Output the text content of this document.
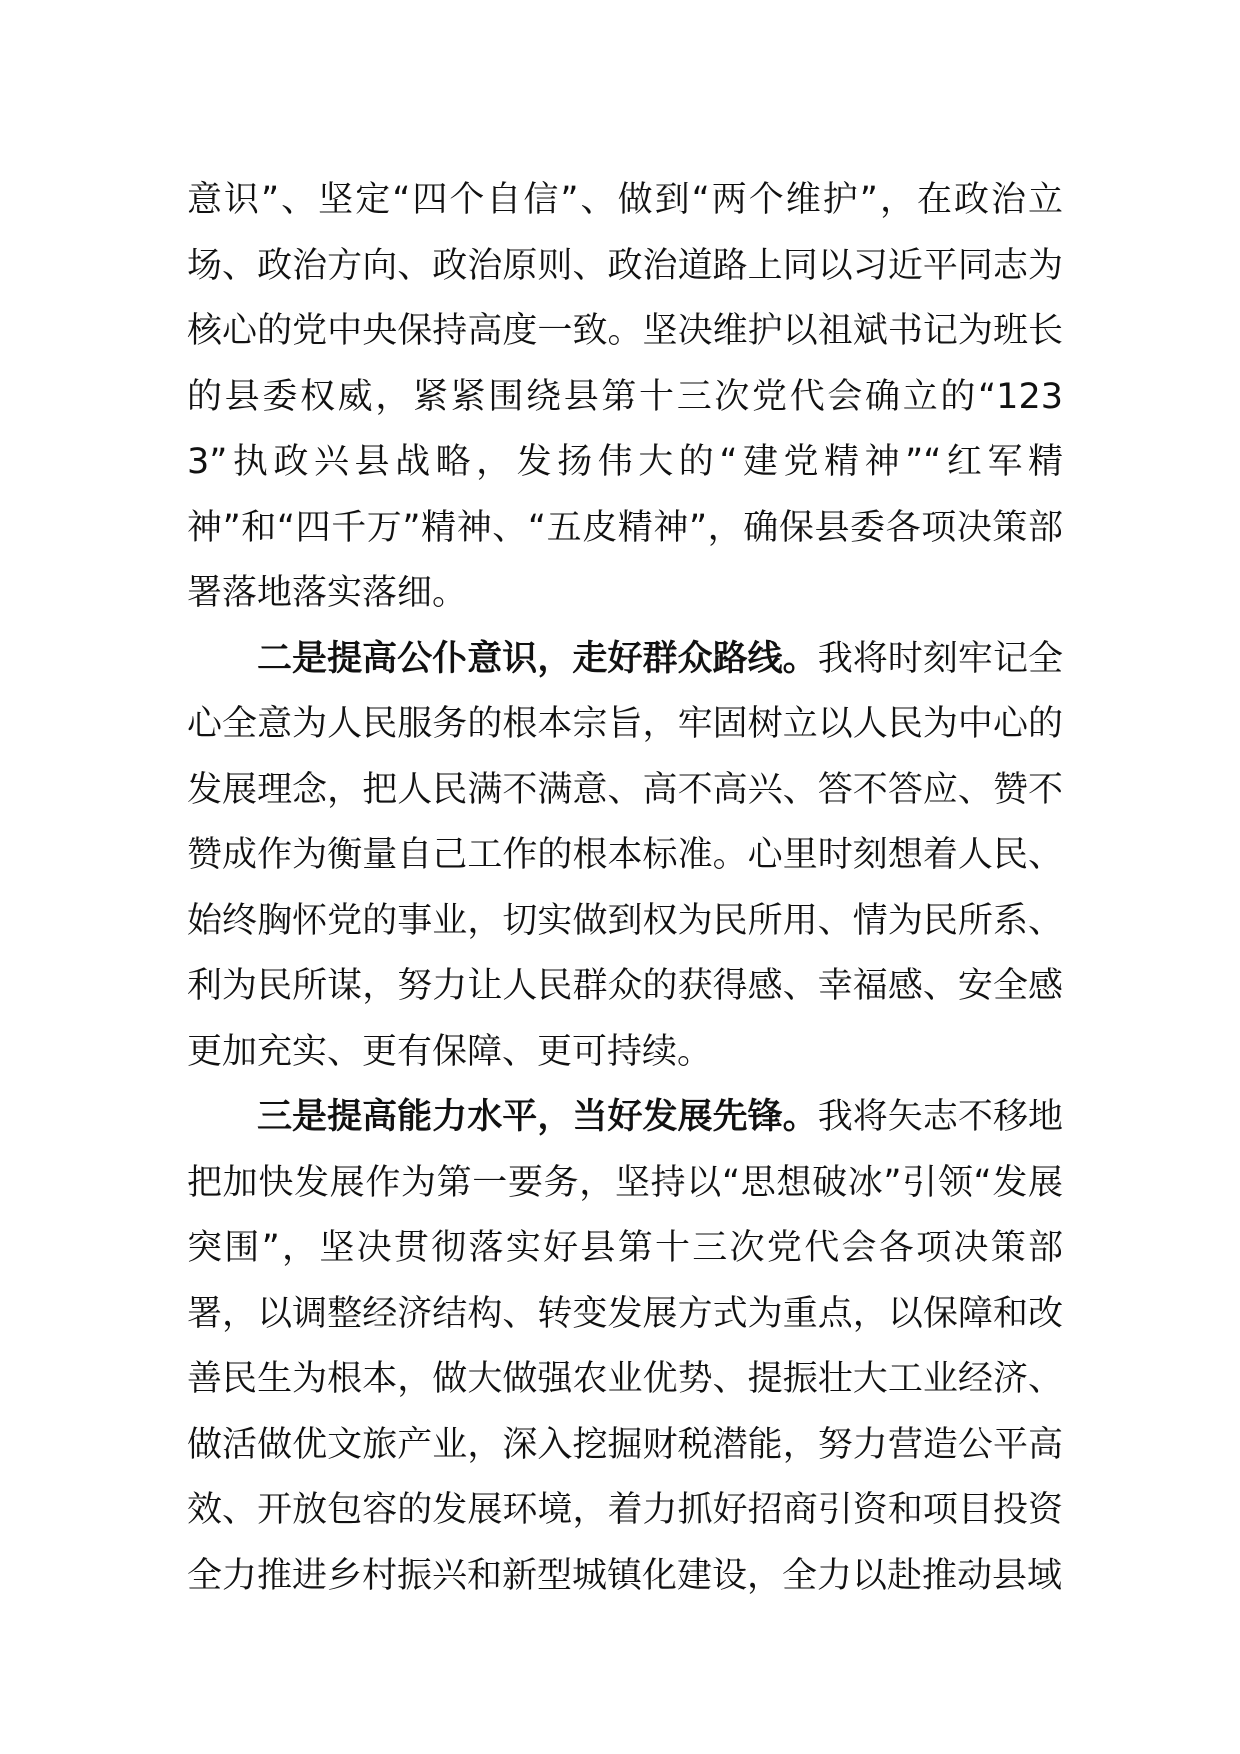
意识”、坚定“四个自信”、做到“两个维护”，在政治立场、政治方向、政治原则、政治道路上同以习近平同志为核心的党中央保持高度一致。坚决维护以祖斌书记为班长的县委权威，紧紧围绕县第十三次党代会确立的“1233”执政兴县战略，发扬伟大的“建党精神”“红军精神”和“四千万”精神、“五皮精神”，确保县委各项决策部署落地落实落细。

二是提高公仆意识，走好群众路线。我将时刻牢记全心全意为人民服务的根本宗旨，牢固树立以人民为中心的发展理念，把人民满不满意、高不高兴、答不答应、赞不赞成作为衡量自己工作的根本标准。心里时刻想着人民、始终胸怀党的事业，切实做到权为民所用、情为民所系、利为民所谋，努力让人民群众的获得感、幸福感、安全感更加充实、更有保障、更可持续。

三是提高能力水平，当好发展先锋。我将矢志不移地把加快发展作为第一要务，坚持以“思想破冰”引领“发展突围”，坚决贯彻落实好县第十三次党代会各项决策部署，以调整经济结构、转变发展方式为重点，以保障和改善民生为根本，做大做强农业优势、提振壮大工业经济、做活做优文旅产业，深入挖掘财税潜能，努力营造公平高效、开放包容的发展环境，着力抓好招商引资和项目投资全力推进乡村振兴和新型城镇化建设，全力以赴推动县域
